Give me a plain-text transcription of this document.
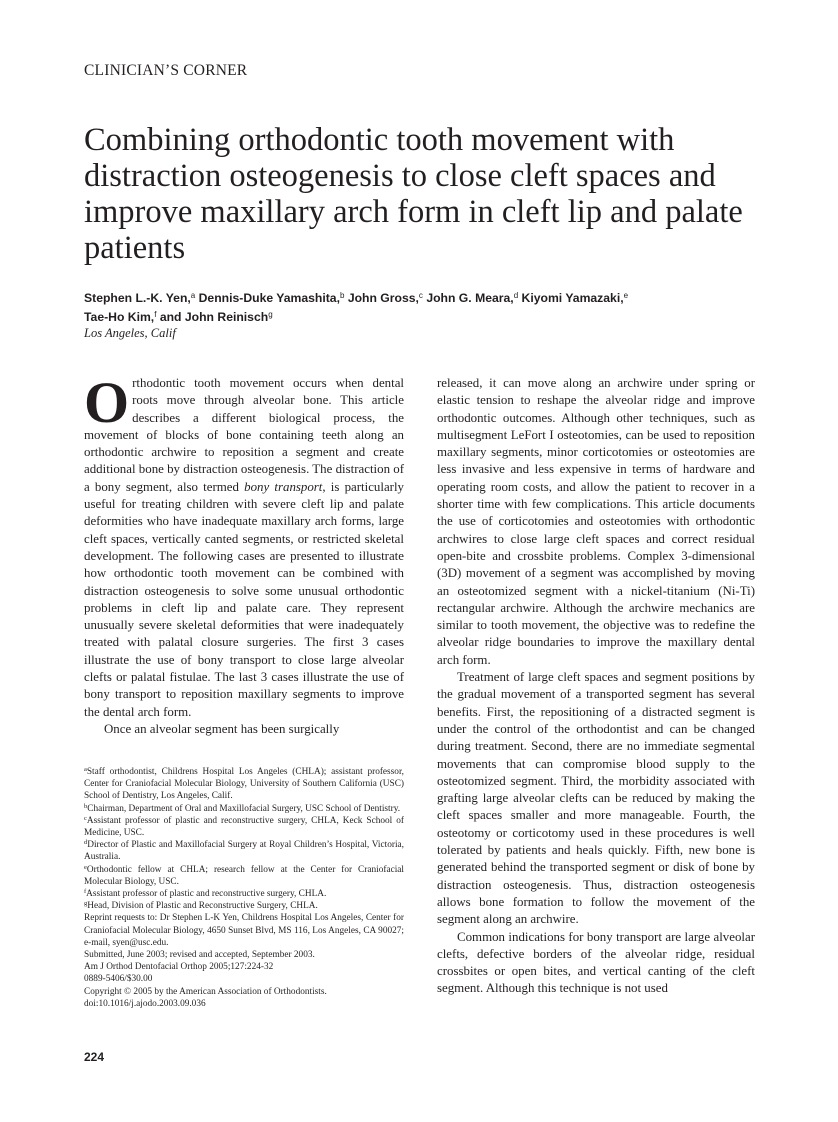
CLINICIAN’S CORNER
Combining orthodontic tooth movement with distraction osteogenesis to close cleft spaces and improve maxillary arch form in cleft lip and palate patients
Stephen L.-K. Yen,$^a$ Dennis-Duke Yamashita,$^b$ John Gross,$^c$ John G. Meara,$^d$ Kiyomi Yamazaki,$^e$
Tae-Ho Kim,$^f$ and John Reinisch$^g$
Los Angeles, Calif

Orthodontic tooth movement occurs when dental roots move through alveolar bone. This article describes a different biological process, the movement of blocks of bone containing teeth along an orthodontic archwire to reposition a segment and create additional bone by distraction osteogenesis. The distraction of a bony segment, also termed bony transport, is particularly useful for treating children with severe cleft lip and palate deformities who have inadequate maxillary arch forms, large cleft spaces, vertically canted segments, or restricted skeletal development. The following cases are presented to illustrate how orthodontic tooth movement can be combined with distraction osteogenesis to solve some unusual orthodontic problems in cleft lip and palate care. They represent unusually severe skeletal deformities that were inadequately treated with palatal closure surgeries. The first 3 cases illustrate the use of bony transport to close large alveolar clefts or palatal fistulae. The last 3 cases illustrate the use of bony transport to reposition maxillary segments to improve the dental arch form.

Once an alveolar segment has been surgically

$^a$Staff orthodontist, Childrens Hospital Los Angeles (CHLA); assistant professor, Center for Craniofacial Molecular Biology, University of Southern California (USC) School of Dentistry, Los Angeles, Calif.

$^b$Chairman, Department of Oral and Maxillofacial Surgery, USC School of Dentistry.

$^c$Assistant professor of plastic and reconstructive surgery, CHLA, Keck School of Medicine, USC.

$^d$Director of Plastic and Maxillofacial Surgery at Royal Children’s Hospital, Victoria, Australia.

$^e$Orthodontic fellow at CHLA; research fellow at the Center for Craniofacial Molecular Biology, USC.

$^f$Assistant professor of plastic and reconstructive surgery, CHLA.

$^g$Head, Division of Plastic and Reconstructive Surgery, CHLA.

Reprint requests to: Dr Stephen L-K Yen, Childrens Hospital Los Angeles, Center for Craniofacial Molecular Biology, 4650 Sunset Blvd, MS 116, Los Angeles, CA 90027; e-mail, syen@usc.edu.

Submitted, June 2003; revised and accepted, September 2003.

Am J Orthod Dentofacial Orthop 2005;127:224-32

0889-5406/$30.00

Copyright © 2005 by the American Association of Orthodontists.

doi:10.1016/j.ajodo.2003.09.036

released, it can move along an archwire under spring or elastic tension to reshape the alveolar ridge and improve orthodontic outcomes. Although other techniques, such as multisegment LeFort I osteotomies, can be used to reposition maxillary segments, minor corticotomies or osteotomies are less invasive and less expensive in terms of hardware and operating room costs, and allow the patient to recover in a shorter time with few complications. This article documents the use of corticotomies and osteotomies with orthodontic archwires to close large cleft spaces and correct residual open-bite and crossbite problems. Complex 3-dimensional (3D) movement of a segment was accomplished by moving an osteotomized segment with a nickel-titanium (Ni-Ti) rectangular archwire. Although the archwire mechanics are similar to tooth movement, the objective was to redefine the alveolar ridge boundaries to improve the maxillary dental arch form.

Treatment of large cleft spaces and segment positions by the gradual movement of a transported segment has several benefits. First, the repositioning of a distracted segment is under the control of the orthodontist and can be changed during treatment. Second, there are no immediate segmental movements that can compromise blood supply to the osteotomized segment. Third, the morbidity associated with grafting large alveolar clefts can be reduced by making the cleft spaces smaller and more manageable. Fourth, the osteotomy or corticotomy used in these procedures is well tolerated by patients and heals quickly. Fifth, new bone is generated behind the transported segment or disk of bone by distraction osteogenesis. Thus, distraction osteogenesis allows bone formation to follow the movement of the segment along an archwire.

Common indications for bony transport are large alveolar clefts, defective borders of the alveolar ridge, residual crossbites or open bites, and vertical canting of the cleft segment. Although this technique is not used

224
